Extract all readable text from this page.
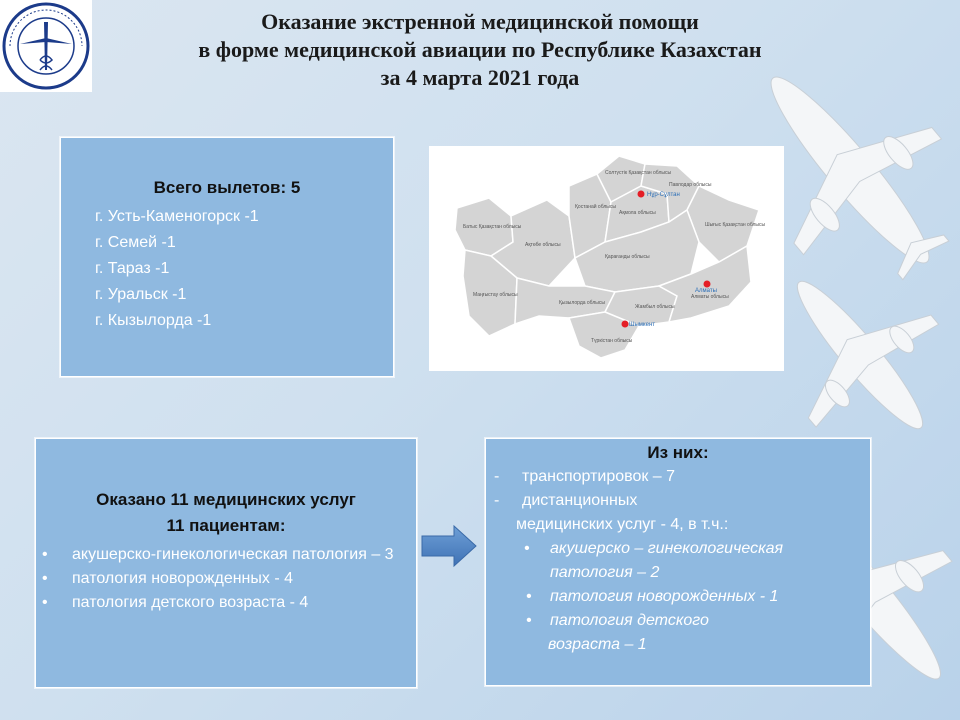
Оказание экстренной медицинской помощи
в форме медицинской авиации по Республике Казахстан
за 4 марта 2021 года
Всего вылетов: 5
г. Усть-Каменогорск -1
г. Семей -1
г. Тараз -1
г. Уральск -1
г. Кызылорда -1
Батыс Қазақстан облысы
Ақтөбе облысы
Маңғыстау облысы
Қостанай облысы
Солтүстік Қазақстан облысы
Ақмола облысы
Павлодар облысы
Шығыс Қазақстан облысы
Қарағанды облысы
Қызылорда облысы
Жамбыл облысы
Алматы облысы
Түркістан облысы
Нұр-Сұлтан
Алматы
Шымкент
Оказано 11 медицинских услуг
11 пациентам:
• акушерско-гинекологическая патология – 3
• патология новорожденных - 4
• патология детского возраста - 4
Из них:
- транспортировок – 7
- дистанционных
медицинских услуг - 4, в т.ч.:
• акушерско – гинекологическая
патология – 2
• патология новорожденных - 1
• патология детского
возраста – 1
